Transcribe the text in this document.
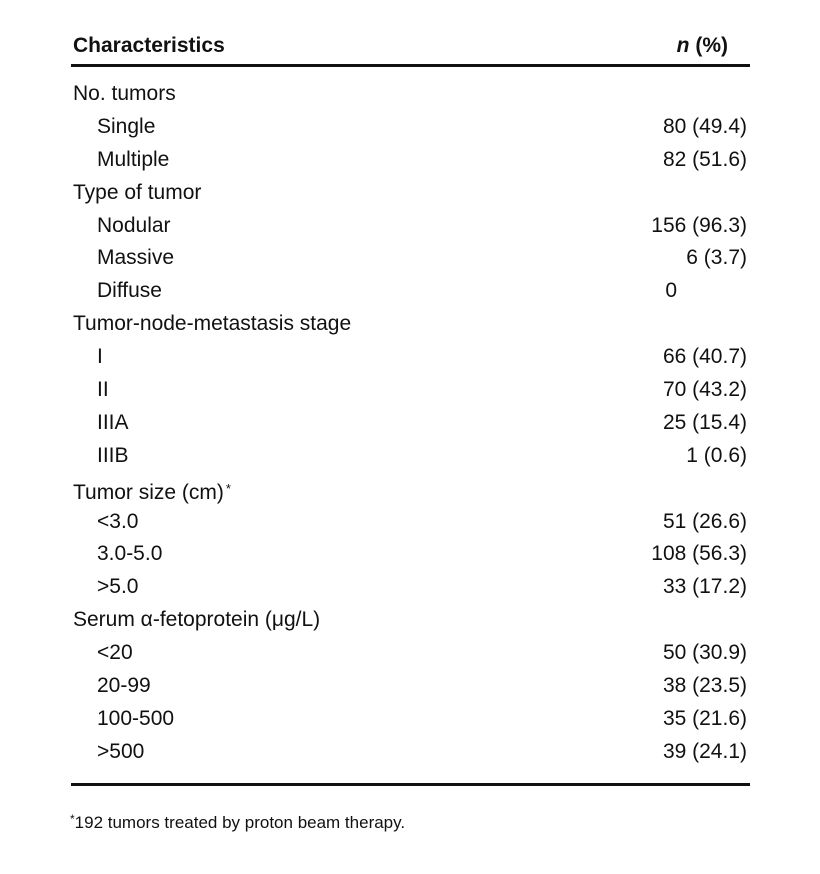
Characteristics	n (%)
No. tumors
Single	80 (49.4)
Multiple	82 (51.6)
Type of tumor
Nodular	156 (96.3)
Massive	6 (3.7)
Diffuse	0
Tumor-node-metastasis stage
I	66 (40.7)
II	70 (43.2)
IIIA	25 (15.4)
IIIB	1 (0.6)
Tumor size (cm) *
<3.0	51 (26.6)
3.0-5.0	108 (56.3)
>5.0	33 (17.2)
Serum α-fetoprotein (μg/L)
<20	50 (30.9)
20-99	38 (23.5)
100-500	35 (21.6)
>500	39 (24.1)
*192 tumors treated by proton beam therapy.
